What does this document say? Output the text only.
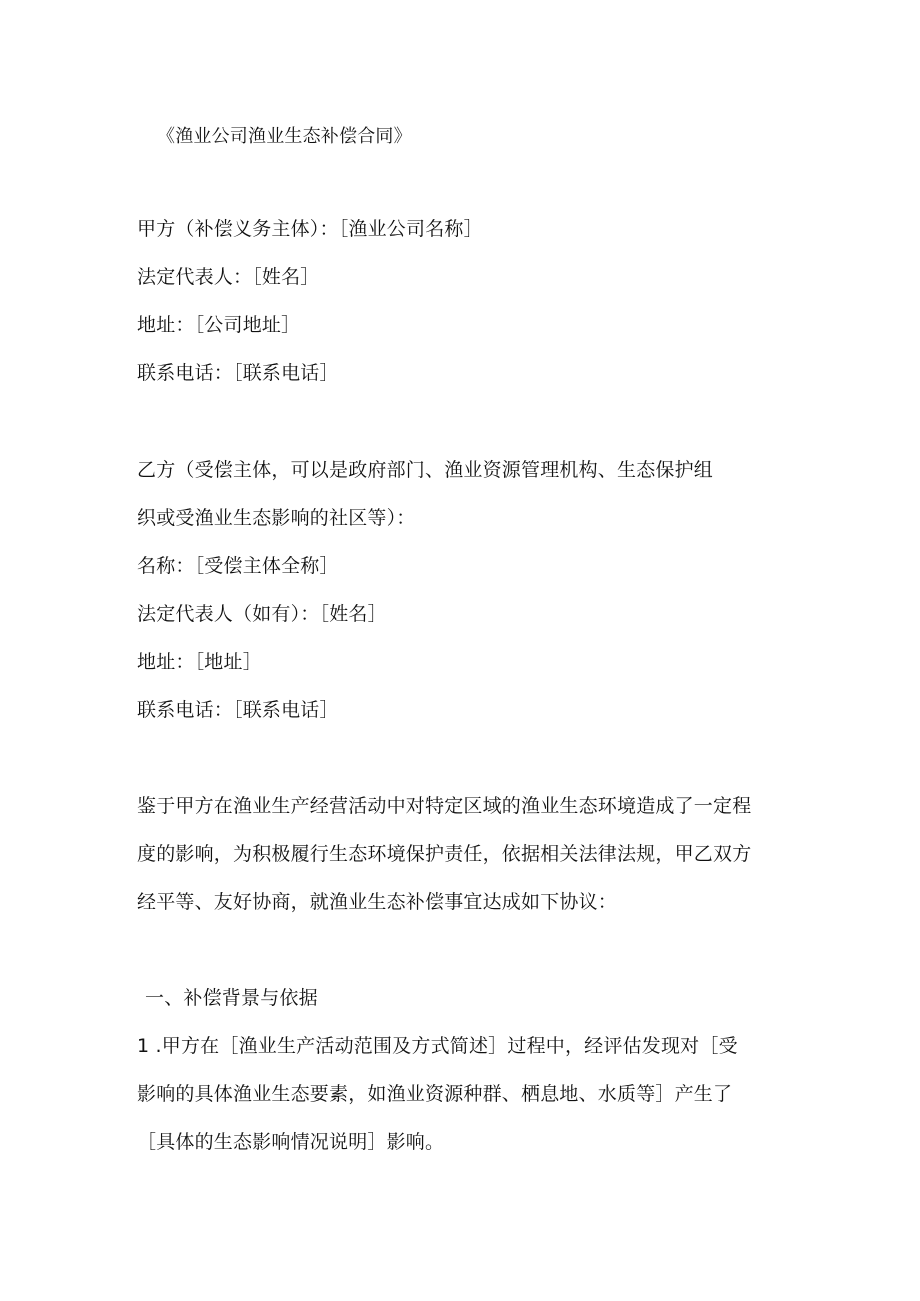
《渔业公司渔业生态补偿合同》
甲方（补偿义务主体）：［渔业公司名称］
法定代表人：［姓名］
地址：［公司地址］
联系电话：［联系电话］
乙方（受偿主体，可以是政府部门、渔业资源管理机构、生态保护组
织或受渔业生态影响的社区等）：
名称：［受偿主体全称］
法定代表人（如有）：［姓名］
地址：［地址］
联系电话：［联系电话］
鉴于甲方在渔业生产经营活动中对特定区域的渔业生态环境造成了一定程
度的影响，为积极履行生态环境保护责任，依据相关法律法规，甲乙双方
经平等、友好协商，就渔业生态补偿事宜达成如下协议：
一、补偿背景与依据
1 .甲方在［渔业生产活动范围及方式简述］过程中，经评估发现对［受
影响的具体渔业生态要素，如渔业资源种群、栖息地、水质等］产生了
［具体的生态影响情况说明］影响。
